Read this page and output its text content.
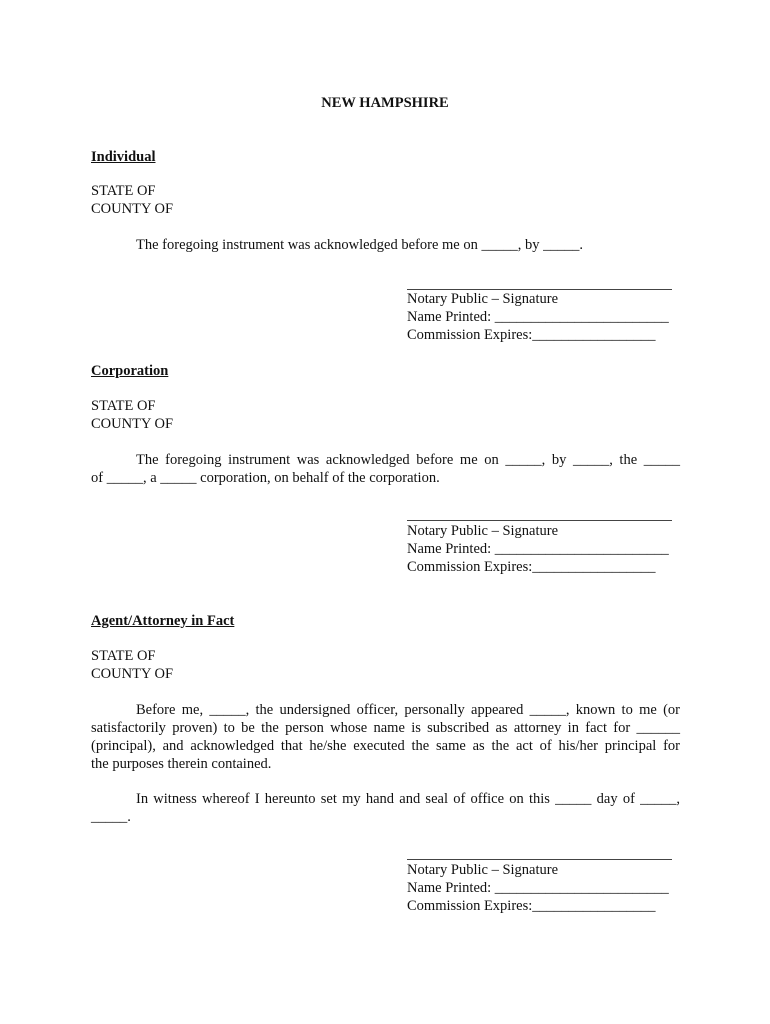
NEW HAMPSHIRE
Individual
STATE OF
COUNTY OF
The foregoing instrument was acknowledged before me on _____, by _____.
Notary Public – Signature
Name Printed: ________________________
Commission Expires:_________________
Corporation
STATE OF
COUNTY OF
The foregoing instrument was acknowledged before me on _____, by _____, the _____
of _____, a _____ corporation, on behalf of the corporation.
Notary Public – Signature
Name Printed: ________________________
Commission Expires:_________________
Agent/Attorney in Fact
STATE OF
COUNTY OF
Before me, _____, the undersigned officer, personally appeared _____, known to me (or
satisfactorily proven) to be the person whose name is subscribed as attorney in fact for ______
(principal), and acknowledged that he/she executed the same as the act of his/her principal for
the purposes therein contained.
In witness whereof I hereunto set my hand and seal of office on this _____ day of _____,
_____.
Notary Public – Signature
Name Printed: ________________________
Commission Expires:_________________
